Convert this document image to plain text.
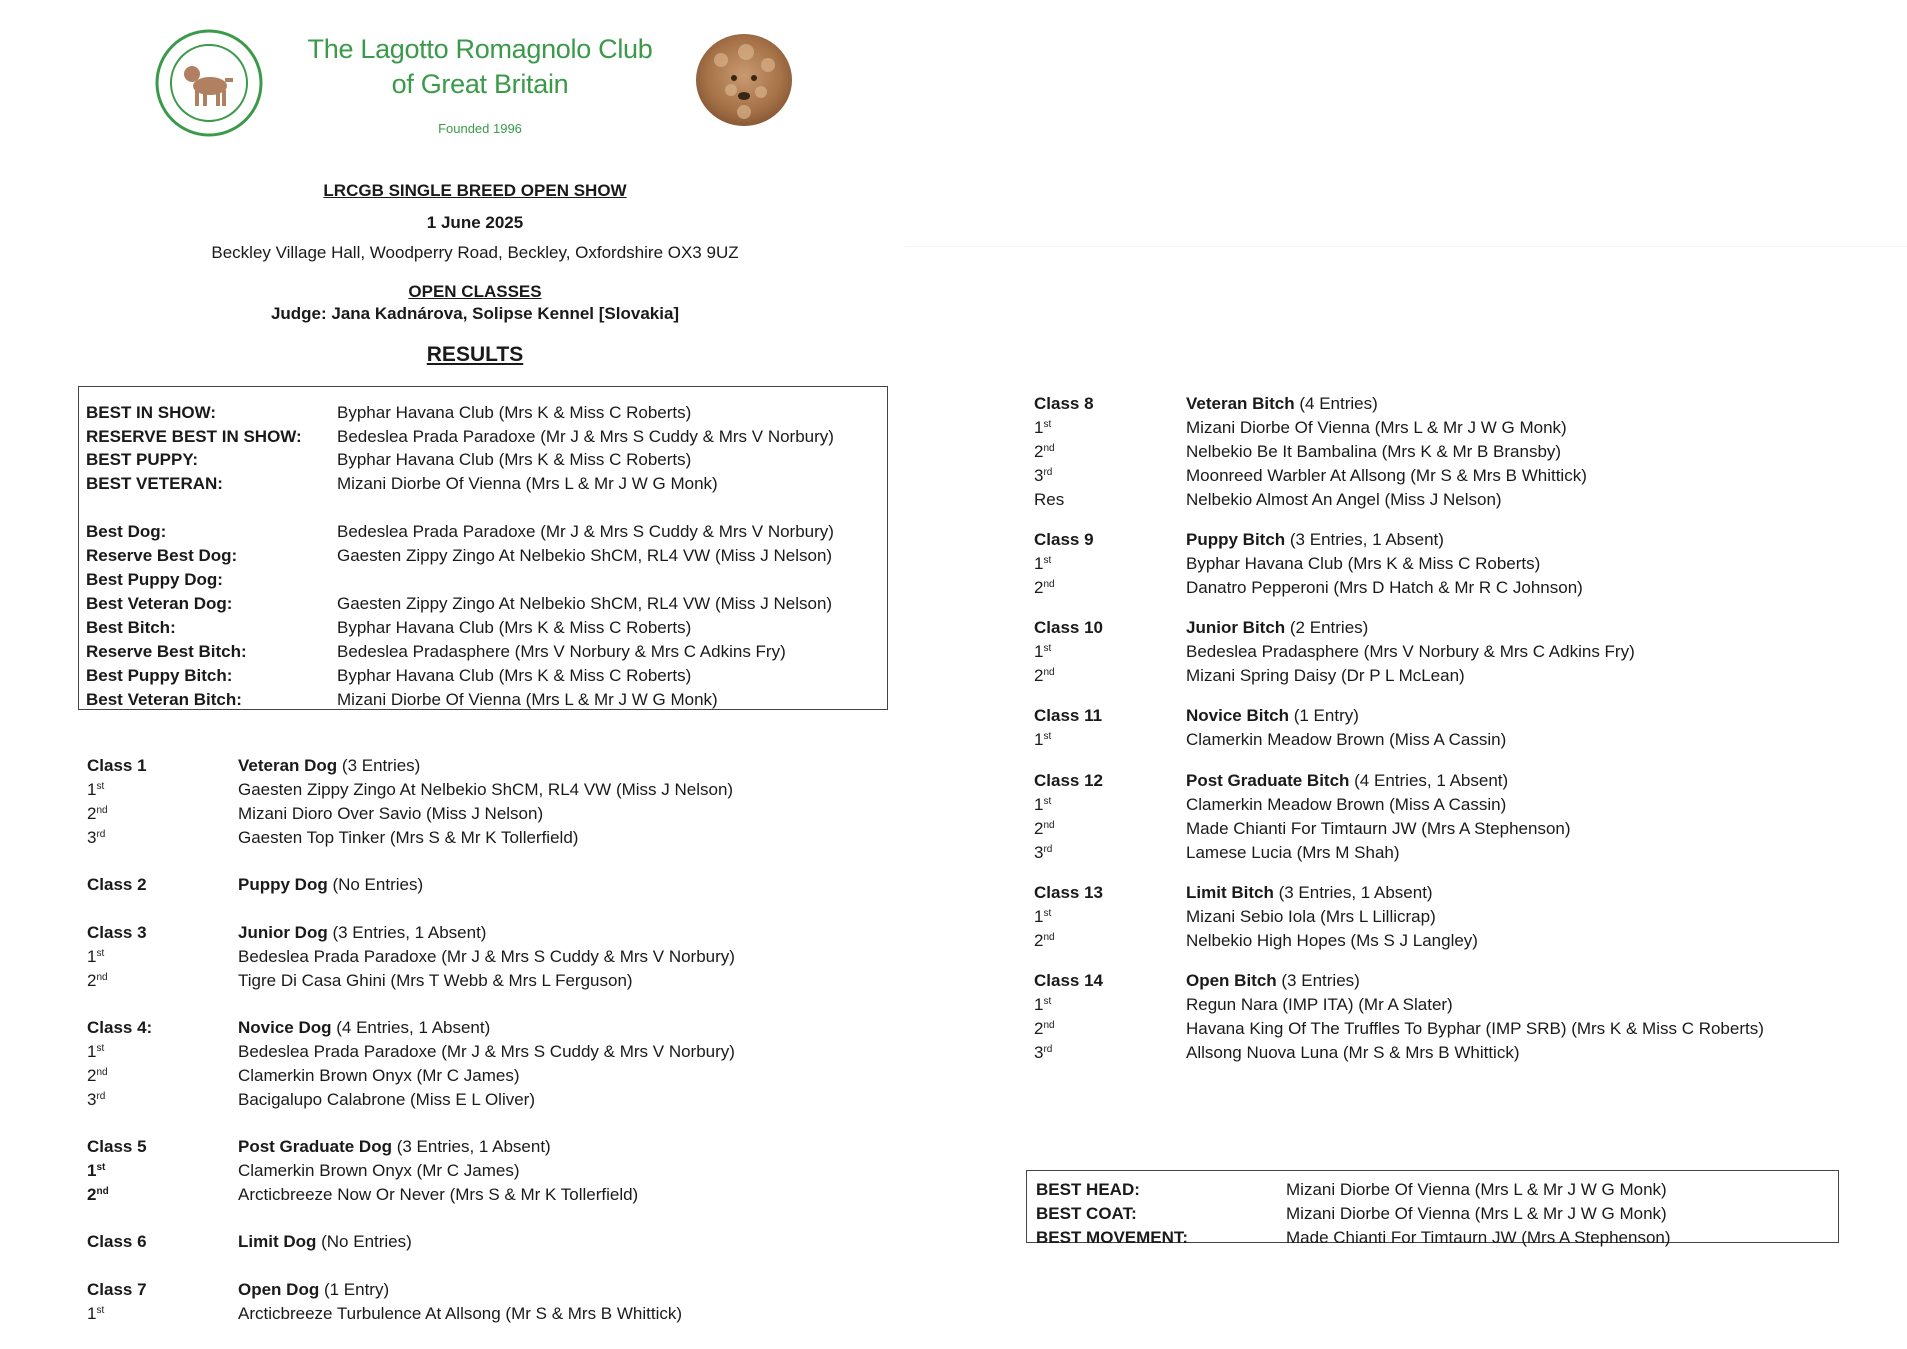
The Lagotto Romagnolo Club
of Great Britain
Founded 1996
LRCGB SINGLE BREED OPEN SHOW
1 June 2025
Beckley Village Hall, Woodperry Road, Beckley, Oxfordshire OX3 9UZ
OPEN CLASSES
Judge: Jana Kadnárova, Solipse Kennel [Slovakia]
RESULTS
BEST IN SHOW:	Byphar Havana Club (Mrs K & Miss C Roberts)
RESERVE BEST IN SHOW: Bedeslea Prada Paradoxe (Mr J & Mrs S Cuddy & Mrs V Norbury)
BEST PUPPY:	Byphar Havana Club (Mrs K & Miss C Roberts)
BEST VETERAN:	Mizani Diorbe Of Vienna (Mrs L & Mr J W G Monk)
Best Dog:	Bedeslea Prada Paradoxe (Mr J & Mrs S Cuddy & Mrs V Norbury)
Reserve Best Dog:	Gaesten Zippy Zingo At Nelbekio ShCM, RL4 VW (Miss J Nelson)
Best Puppy Dog:
Best Veteran Dog:	Gaesten Zippy Zingo At Nelbekio ShCM, RL4 VW (Miss J Nelson)
Best Bitch:	Byphar Havana Club (Mrs K & Miss C Roberts)
Reserve Best Bitch:	Bedeslea Pradasphere (Mrs V Norbury & Mrs C Adkins Fry)
Best Puppy Bitch:	Byphar Havana Club (Mrs K & Miss C Roberts)
Best Veteran Bitch:	Mizani Diorbe Of Vienna (Mrs L & Mr J W G Monk)
Class 1	Veteran Dog (3 Entries)
1st	Gaesten Zippy Zingo At Nelbekio ShCM, RL4 VW (Miss J Nelson)
2nd	Mizani Dioro Over Savio (Miss J Nelson)
3rd	Gaesten Top Tinker (Mrs S & Mr K Tollerfield)
Class 2	Puppy Dog (No Entries)
Class 3	Junior Dog (3 Entries, 1 Absent)
1st	Bedeslea Prada Paradoxe (Mr J & Mrs S Cuddy & Mrs V Norbury)
2nd	Tigre Di Casa Ghini (Mrs T Webb & Mrs L Ferguson)
Class 4:	Novice Dog (4 Entries, 1 Absent)
1st	Bedeslea Prada Paradoxe (Mr J & Mrs S Cuddy & Mrs V Norbury)
2nd	Clamerkin Brown Onyx (Mr C James)
3rd	Bacigalupo Calabrone (Miss E L Oliver)
Class 5	Post Graduate Dog (3 Entries, 1 Absent)
1st	Clamerkin Brown Onyx (Mr C James)
2nd	Arcticbreeze Now Or Never (Mrs S & Mr K Tollerfield)
Class 6	Limit Dog (No Entries)
Class 7	Open Dog (1 Entry)
1st	Arcticbreeze Turbulence At Allsong (Mr S & Mrs B Whittick)
Class 8	Veteran Bitch (4 Entries)
1st	Mizani Diorbe Of Vienna (Mrs L & Mr J W G Monk)
2nd	Nelbekio Be It Bambalina (Mrs K & Mr B Bransby)
3rd	Moonreed Warbler At Allsong (Mr S & Mrs B Whittick)
Res	Nelbekio Almost An Angel (Miss J Nelson)
Class 9	Puppy Bitch (3 Entries, 1 Absent)
1st	Byphar Havana Club (Mrs K & Miss C Roberts)
2nd	Danatro Pepperoni (Mrs D Hatch & Mr R C Johnson)
Class 10	Junior Bitch (2 Entries)
1st	Bedeslea Pradasphere (Mrs V Norbury & Mrs C Adkins Fry)
2nd	Mizani Spring Daisy (Dr P L McLean)
Class 11	Novice Bitch (1 Entry)
1st	Clamerkin Meadow Brown (Miss A Cassin)
Class 12	Post Graduate Bitch (4 Entries, 1 Absent)
1st	Clamerkin Meadow Brown (Miss A Cassin)
2nd	Made Chianti For Timtaurn JW (Mrs A Stephenson)
3rd	Lamese Lucia (Mrs M Shah)
Class 13	Limit Bitch (3 Entries, 1 Absent)
1st	Mizani Sebio Iola (Mrs L Lillicrap)
2nd	Nelbekio High Hopes (Ms S J Langley)
Class 14	Open Bitch (3 Entries)
1st	Regun Nara (IMP ITA) (Mr A Slater)
2nd	Havana King Of The Truffles To Byphar (IMP SRB) (Mrs K & Miss C Roberts)
3rd	Allsong Nuova Luna (Mr S & Mrs B Whittick)
BEST HEAD:	Mizani Diorbe Of Vienna (Mrs L & Mr J W G Monk)
BEST COAT:	Mizani Diorbe Of Vienna (Mrs L & Mr J W G Monk)
BEST MOVEMENT:	Made Chianti For Timtaurn JW (Mrs A Stephenson)
